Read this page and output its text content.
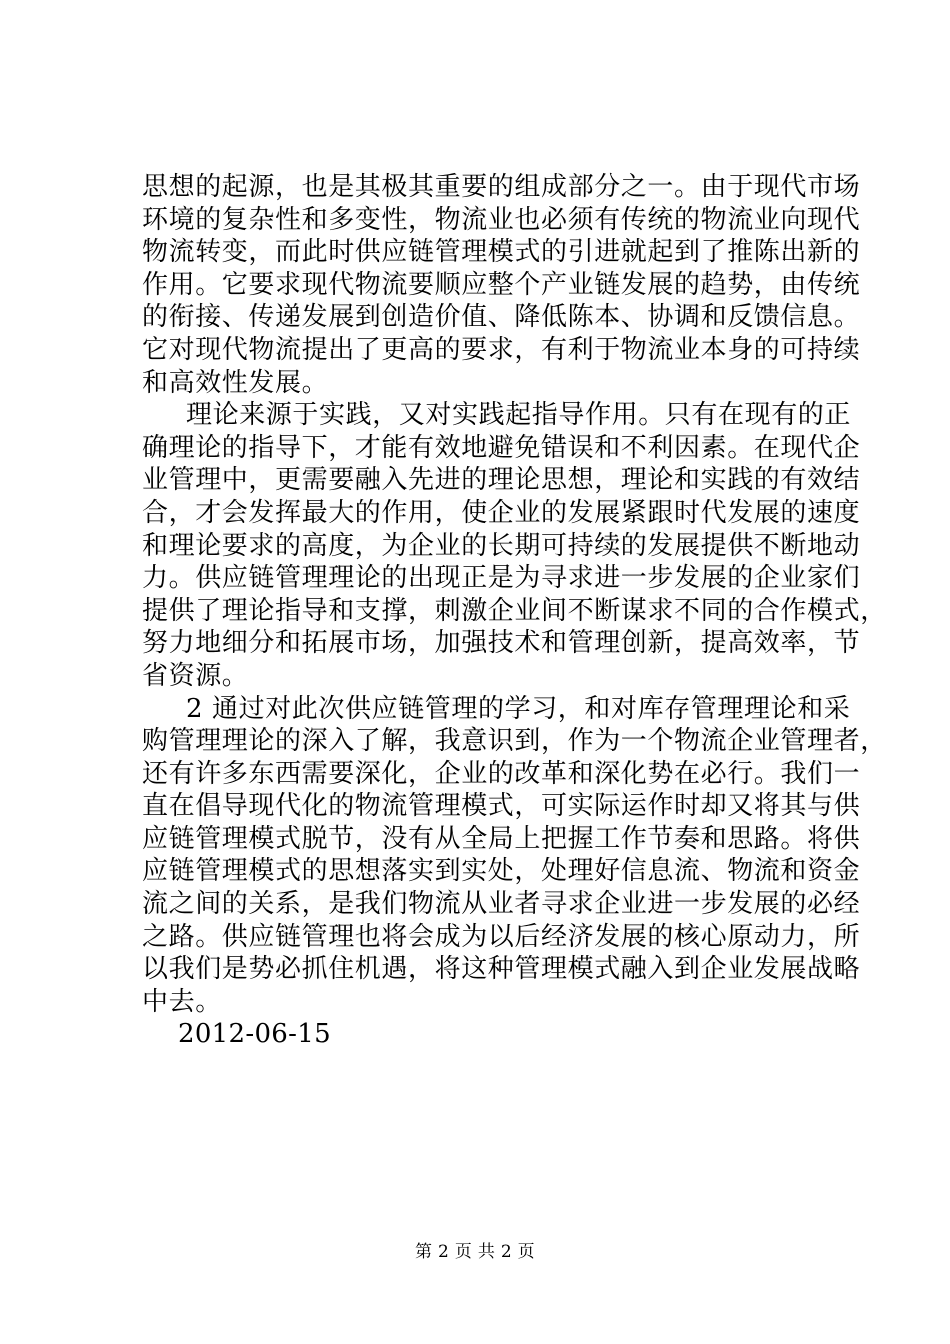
思想的起源，也是其极其重要的组成部分之一。由于现代市场
环境的复杂性和多变性，物流业也必须有传统的物流业向现代
物流转变，而此时供应链管理模式的引进就起到了推陈出新的
作用。它要求现代物流要顺应整个产业链发展的趋势，由传统
的衔接、传递发展到创造价值、降低陈本、协调和反馈信息。
它对现代物流提出了更高的要求，有利于物流业本身的可持续
和高效性发展。
理论来源于实践，又对实践起指导作用。只有在现有的正
确理论的指导下，才能有效地避免错误和不利因素。在现代企
业管理中，更需要融入先进的理论思想，理论和实践的有效结
合，才会发挥最大的作用，使企业的发展紧跟时代发展的速度
和理论要求的高度，为企业的长期可持续的发展提供不断地动
力。供应链管理理论的出现正是为寻求进一步发展的企业家们
提供了理论指导和支撑，刺激企业间不断谋求不同的合作模式，
努力地细分和拓展市场，加强技术和管理创新，提高效率，节
省资源。
2 通过对此次供应链管理的学习，和对库存管理理论和采
购管理理论的深入了解，我意识到，作为一个物流企业管理者，
还有许多东西需要深化，企业的改革和深化势在必行。我们一
直在倡导现代化的物流管理模式，可实际运作时却又将其与供
应链管理模式脱节，没有从全局上把握工作节奏和思路。将供
应链管理模式的思想落实到实处，处理好信息流、物流和资金
流之间的关系，是我们物流从业者寻求企业进一步发展的必经
之路。供应链管理也将会成为以后经济发展的核心原动力，所
以我们是势必抓住机遇，将这种管理模式融入到企业发展战略
中去。
2012-06-15
第 2 页 共 2 页
